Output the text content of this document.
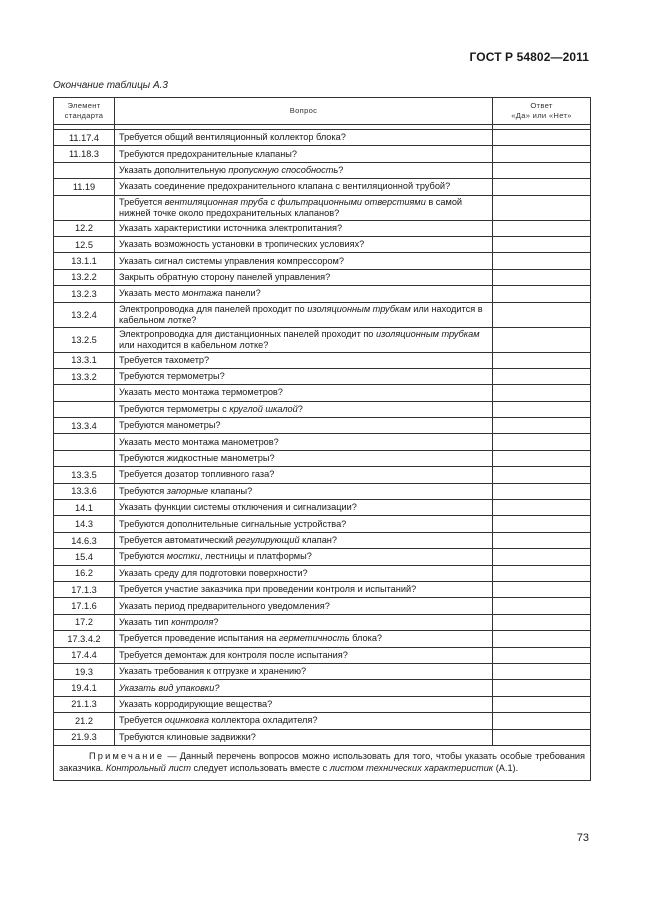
ГОСТ Р 54802—2011
Окончание таблицы А.3
Элемент
стандарта	Вопрос	Ответ
«Да» или «Нет»

11.17.4	Требуется общий вентиляционный коллектор блока?	
11.18.3	Требуются предохранительные клапаны?	
	Указать дополнительную пропускную способность?	
11.19	Указать соединение предохранительного клапана с вентиляционной трубой?	
	Требуется вентиляционная труба с фильтрационными отверстиями в самой нижней точке около предохранительных клапанов?	
12.2	Указать характеристики источника электропитания?	
12.5	Указать возможность установки в тропических условиях?	
13.1.1	Указать сигнал системы управления компрессором?	
13.2.2	Закрыть обратную сторону панелей управления?	
13.2.3	Указать место монтажа панели?	
13.2.4	Электропроводка для панелей проходит по изоляционным трубкам или находится в кабельном лотке?	
13.2.5	Электропроводка для дистанционных панелей проходит по изоляционным трубкам или находится в кабельном лотке?	
13.3.1	Требуется тахометр?	
13.3.2	Требуются термометры?	
	Указать место монтажа термометров?	
	Требуются термометры с круглой шкалой?	
13.3.4	Требуются манометры?	
	Указать место монтажа манометров?	
	Требуются жидкостные манометры?	
13.3.5	Требуется дозатор топливного газа?	
13.3.6	Требуются запорные клапаны?	
14.1	Указать функции системы отключения и сигнализации?	
14.3	Требуются дополнительные сигнальные устройства?	
14.6.3	Требуется автоматический регулирующий клапан?	
15.4	Требуются мостки, лестницы и платформы?	
16.2	Указать среду для подготовки поверхности?	
17.1.3	Требуется участие заказчика при проведении контроля и испытаний?	
17.1.6	Указать период предварительного уведомления?	
17.2	Указать тип контроля?	
17.3.4.2	Требуется проведение испытания на герметичность блока?	
17.4.4	Требуется демонтаж для контроля после испытания?	
19.3	Указать требования к отгрузке и хранению?	
19.4.1	Указать вид упаковки?	
21.1.3	Указать корродирующие вещества?	
21.2	Требуется оцинковка коллектора охладителя?	
21.9.3	Требуются клиновые задвижки?	
Примечание — Данный перечень вопросов можно использовать для того, чтобы указать особые требования заказчика. Контрольный лист следует использовать вместе с листом технических характеристик (А.1).		
73
